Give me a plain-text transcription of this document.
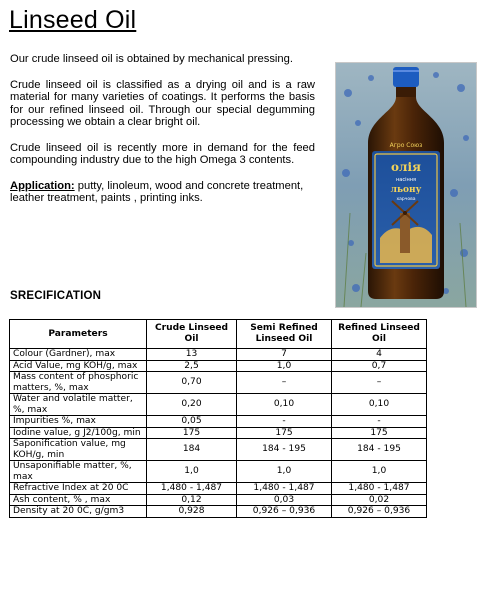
Linseed Oil

Our crude linseed oil is obtained by mechanical pressing.

Crude linseed oil is classified as a drying oil and is a raw material for many varieties of coatings. It performs the basis for our refined linseed oil. Through our special degumming processing we obtain a clear bright oil.

Crude linseed oil is recently more in demand for the feed compounding industry due to the high Omega 3 contents.

Application: putty, linoleum, wood and concrete treatment, leather treatment, paints , printing inks.

Агро Союз
олія
насіння
льону
харчова
SRECIFICATION
Parameters	Crude Linseed Oil	Semi Refined Linseed Oil	Refined Linseed Oil
Colour (Gardner), max	13	7	4
Acid Value, mg KOH/g, max	2,5	1,0	0,7
Mass content of phosphoric matters, %, max	0,70	–	–
Water and volatile matter, %, max	0,20	0,10	0,10
Impurities %, max	0,05	-	-
Iodine value, g J2/100g, min	175	175	175
Saponification value, mg KOH/g, min	184	184 - 195	184 - 195
Unsaponifiable matter, %, max	1,0	1,0	1,0
Refractive Index at 20 0C	1,480 - 1,487	1,480 - 1,487	1,480 - 1,487
Ash content, % , max	0,12	0,03	0,02
Density at 20 0C, g/gm3	0,928	0,926 – 0,936	0,926 – 0,936
